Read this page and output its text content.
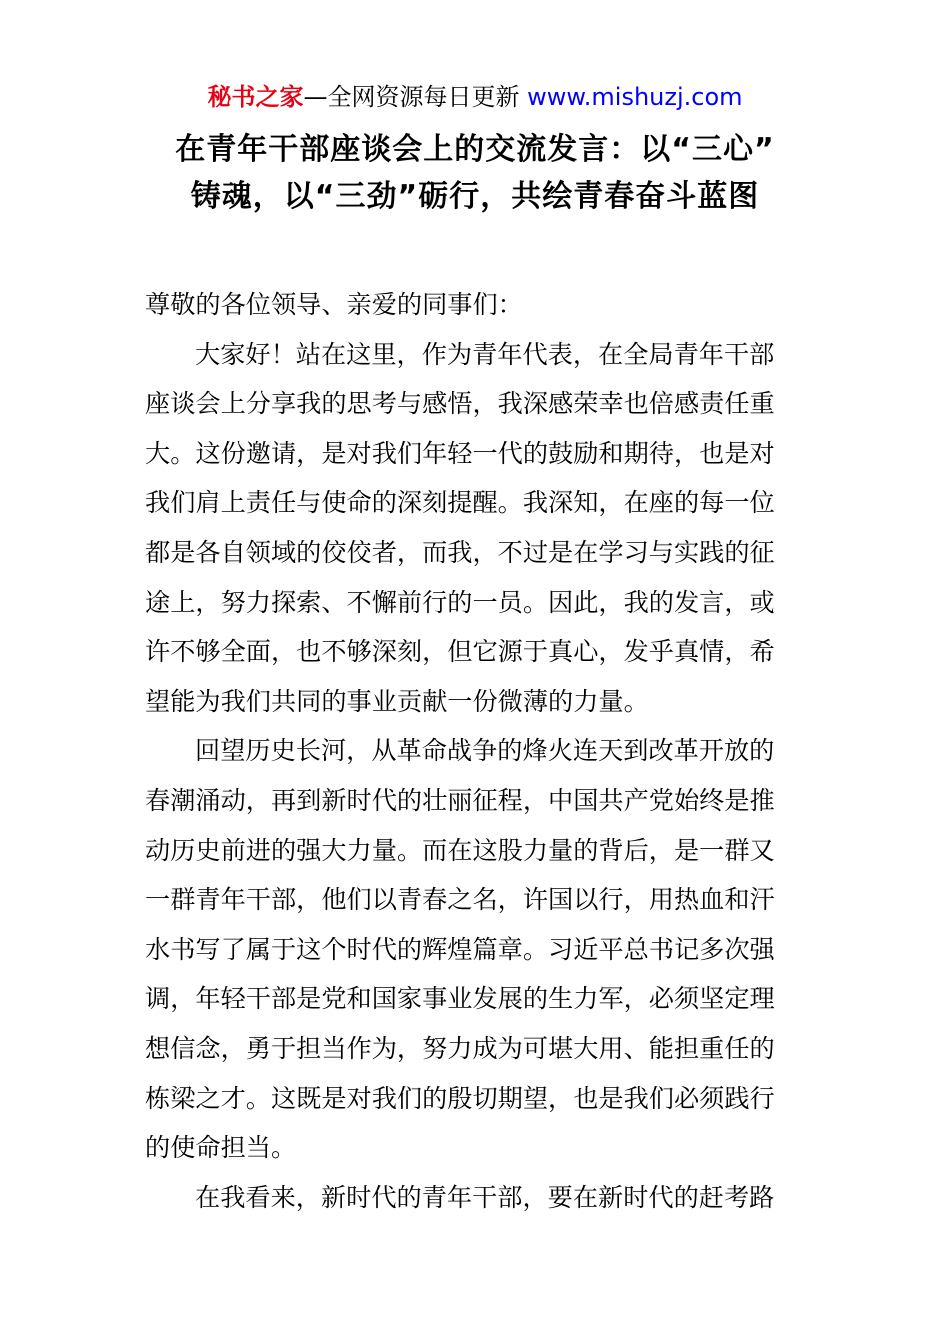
秘书之家—全网资源每日更新 www.mishuzj.com
在青年干部座谈会上的交流发言：以“三心”
铸魂，以“三劲”砺行，共绘青春奋斗蓝图

尊敬的各位领导、亲爱的同事们：

大家好！站在这里，作为青年代表，在全局青年干部
座谈会上分享我的思考与感悟，我深感荣幸也倍感责任重
大。这份邀请，是对我们年轻一代的鼓励和期待，也是对
我们肩上责任与使命的深刻提醒。我深知，在座的每一位
都是各自领域的佼佼者，而我，不过是在学习与实践的征
途上，努力探索、不懈前行的一员。因此，我的发言，或
许不够全面，也不够深刻，但它源于真心，发乎真情，希
望能为我们共同的事业贡献一份微薄的力量。
回望历史长河，从革命战争的烽火连天到改革开放的
春潮涌动，再到新时代的壮丽征程，中国共产党始终是推
动历史前进的强大力量。而在这股力量的背后，是一群又
一群青年干部，他们以青春之名，许国以行，用热血和汗
水书写了属于这个时代的辉煌篇章。习近平总书记多次强
调，年轻干部是党和国家事业发展的生力军，必须坚定理
想信念，勇于担当作为，努力成为可堪大用、能担重任的
栋梁之才。这既是对我们的殷切期望，也是我们必须践行
的使命担当。
在我看来，新时代的青年干部，要在新时代的赶考路
